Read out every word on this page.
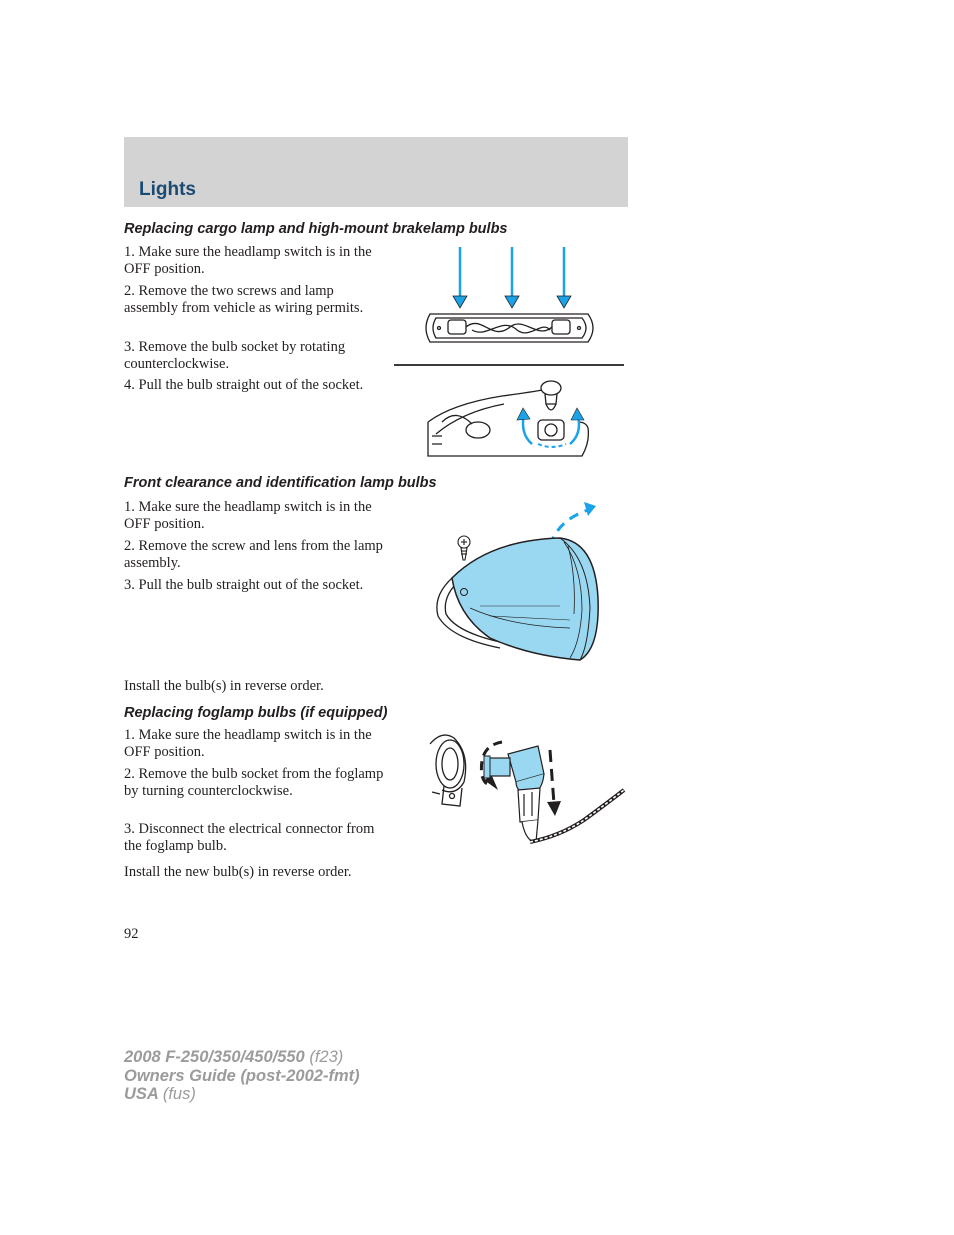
Lights
Replacing cargo lamp and high-mount brakelamp bulbs

1. Make sure the headlamp switch is in the OFF position.

2. Remove the two screws and lamp assembly from vehicle as wiring permits.

3. Remove the bulb socket by rotating counterclockwise.

4. Pull the bulb straight out of the socket.

Front clearance and identification lamp bulbs

1. Make sure the headlamp switch is in the OFF position.

2. Remove the screw and lens from the lamp assembly.

3. Pull the bulb straight out of the socket.

Install the bulb(s) in reverse order.

Replacing foglamp bulbs (if equipped)

1. Make sure the headlamp switch is in the OFF position.

2. Remove the bulb socket from the foglamp by turning counterclockwise.

3. Disconnect the electrical connector from the foglamp bulb.

Install the new bulb(s) in reverse order.

92

2008 F-250/350/450/550 (f23)
Owners Guide (post-2002-fmt)
USA (fus)
